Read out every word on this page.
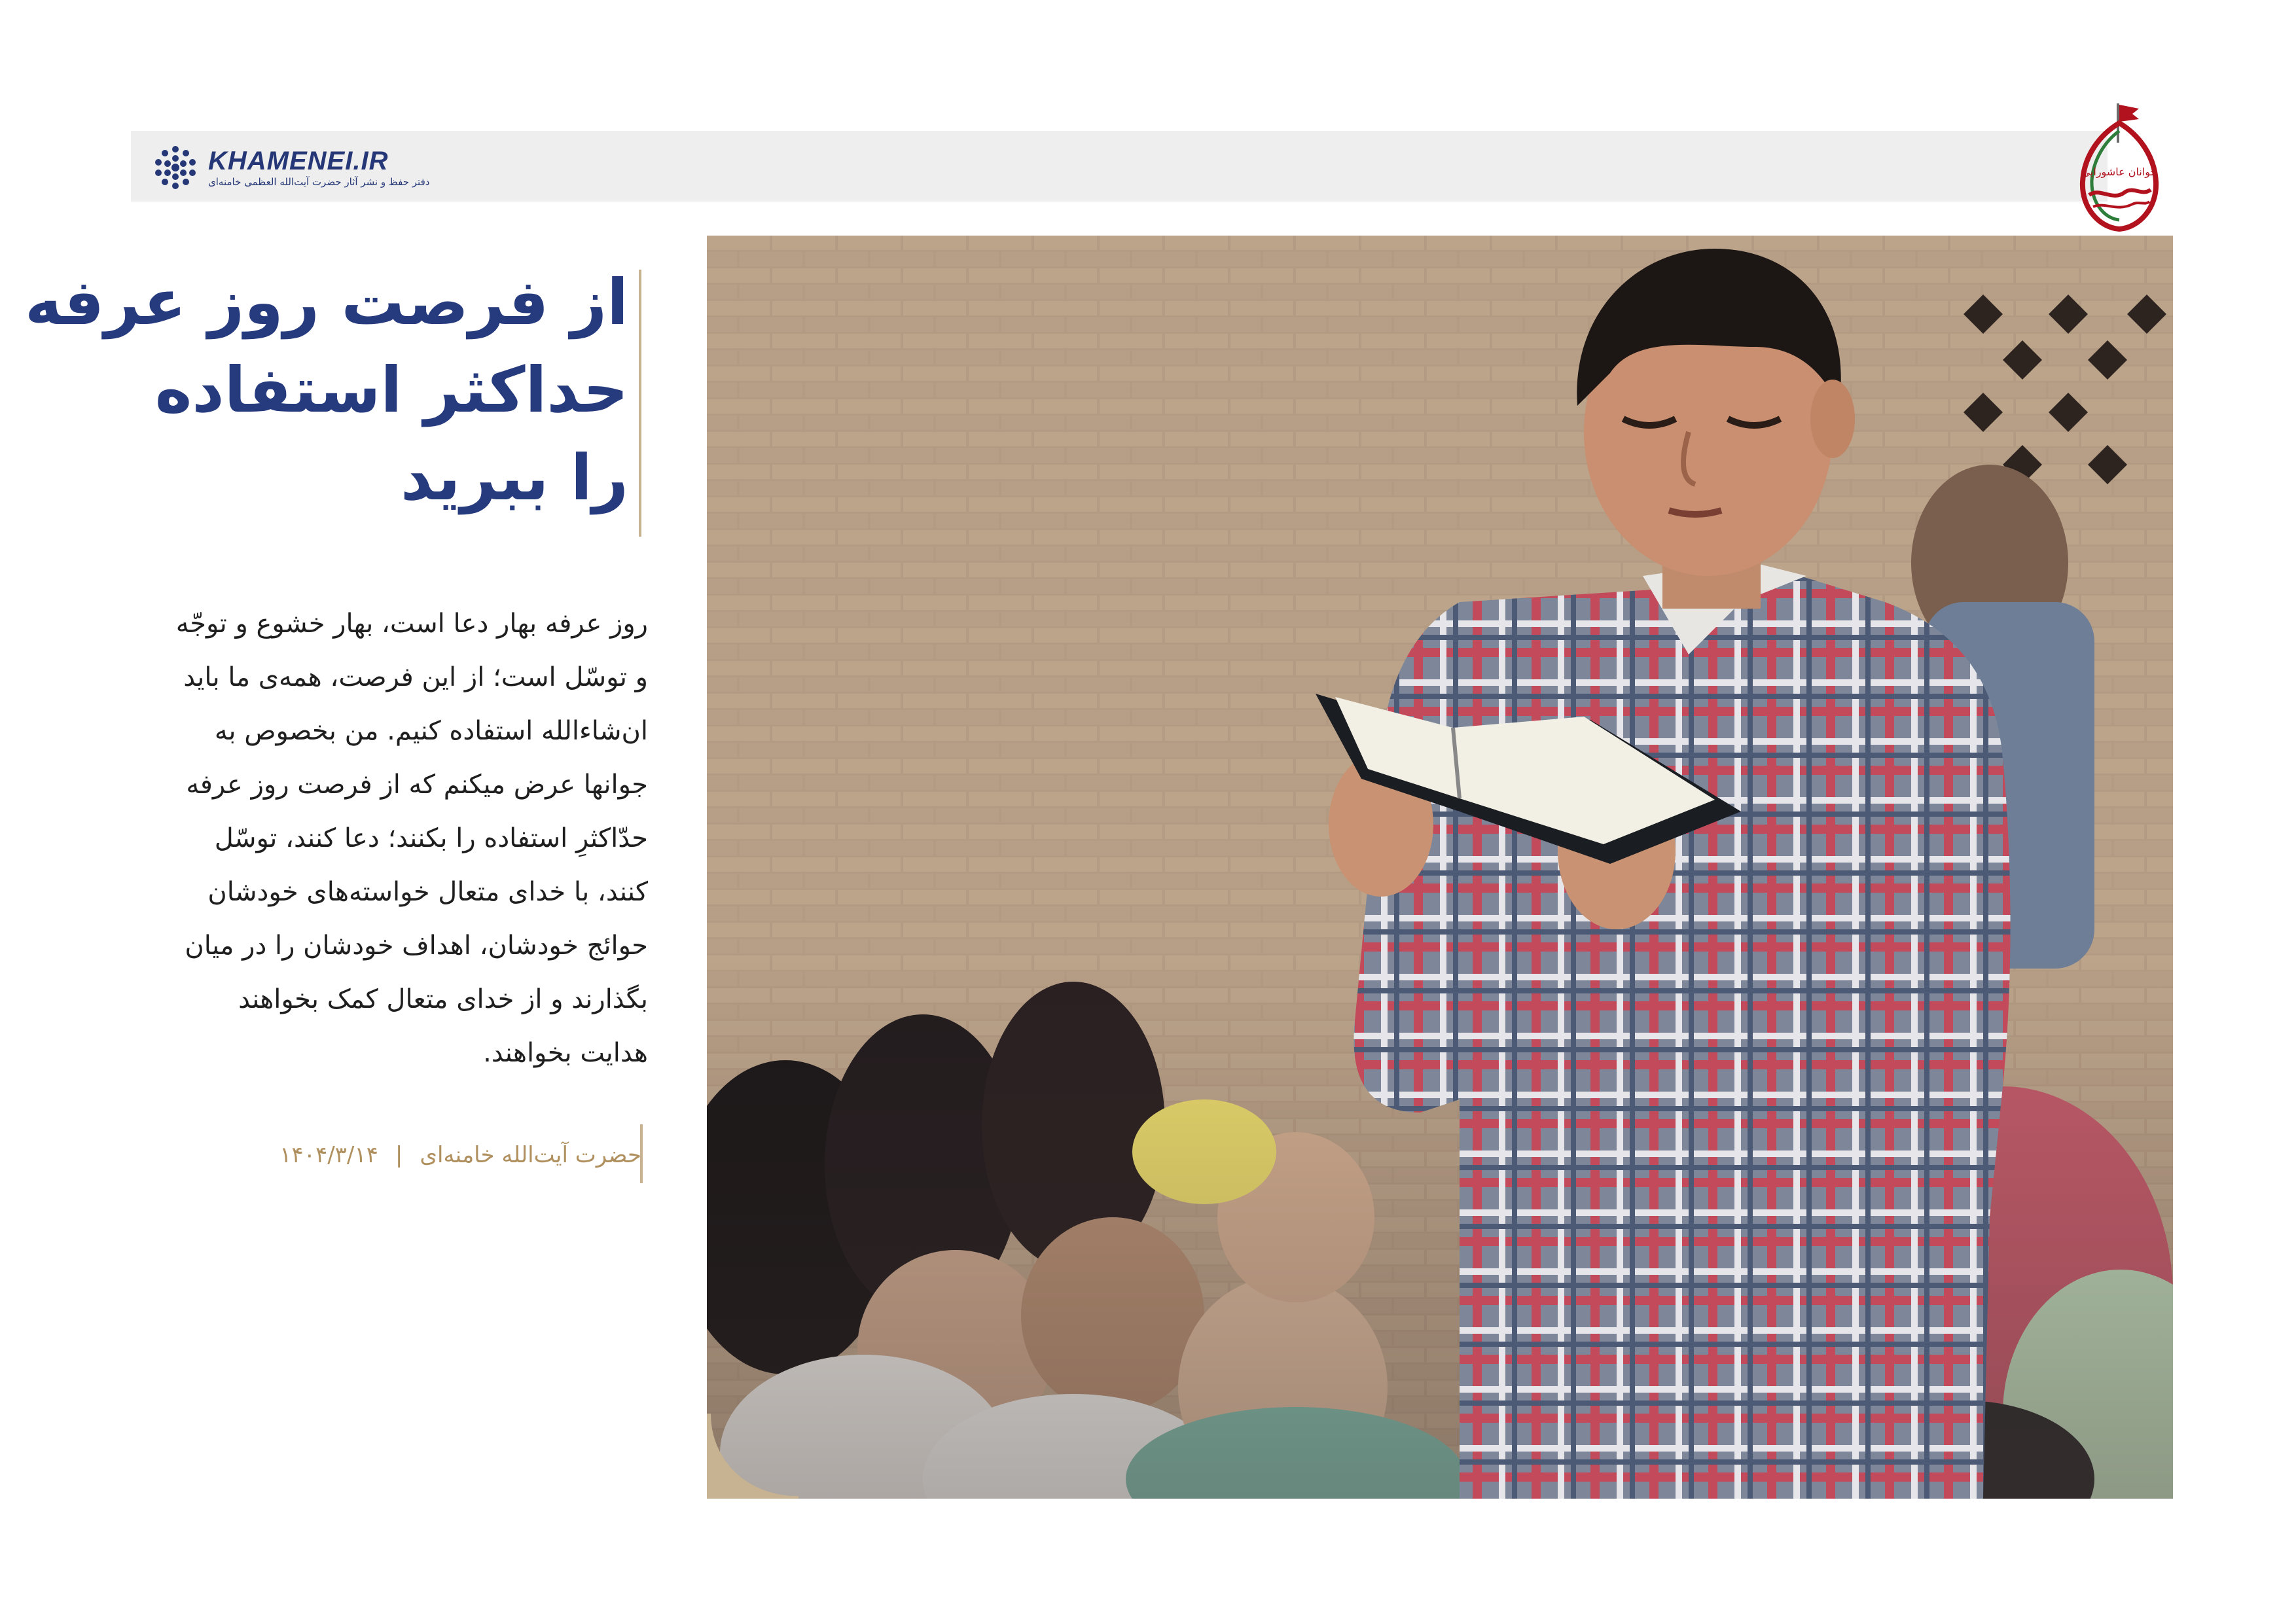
KHAMENEI.IR
دفتر حفظ و نشر آثار حضرت آیت‌الله العظمی خامنه‌ای
جوانان عاشورایی
از فرصت روز عرفه
حداکثر استفاده
را ببرید
روز عرفه بهار دعا است، بهار خشوع و توجّه
و توسّل است؛ از این فرصت، همه‌ی ما باید
ان‌شاءالله استفاده کنیم. من بخصوص به
جوانها عرض میکنم که از فرصت روز عرفه
حدّاکثرِ استفاده را بکنند؛ دعا کنند، توسّل
کنند، با خدای متعال خواسته‌های خودشان
حوائج خودشان، اهداف خودشان را در میان
بگذارند و از خدای متعال کمک بخواهند
هدایت بخواهند.
حضرت آیت‌الله خامنه‌ای
|
۱۴۰۴/۳/۱۴
